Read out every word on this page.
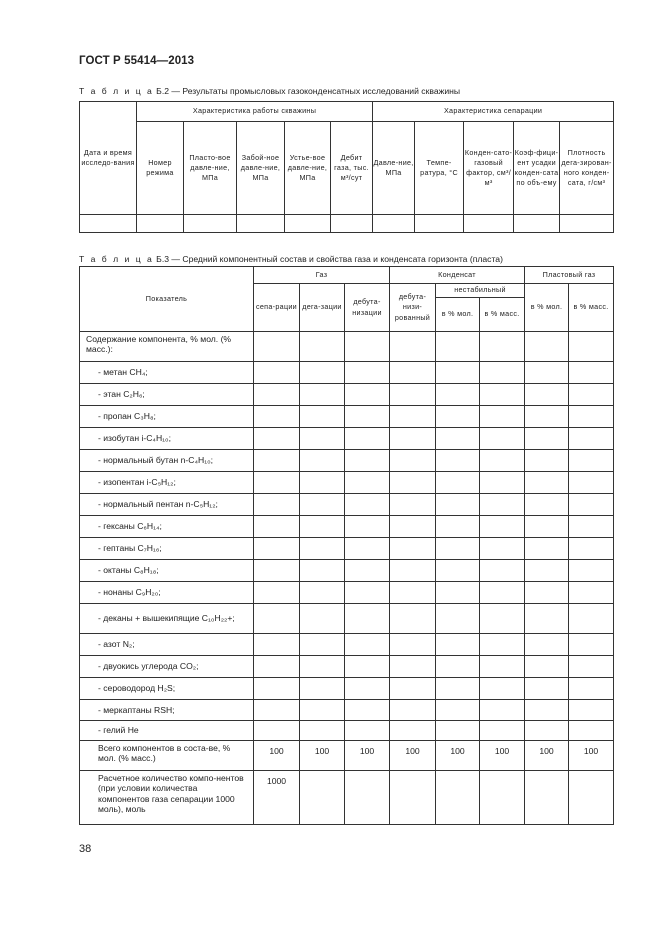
ГОСТ Р 55414—2013
Т а б л и ц а Б.2 — Результаты промысловых газоконденсатных исследований скважины
Дата и время исследо-вания	Характеристика работы скважины					Характеристика сепарации				
	Номер режима	Пласто-вое давле-ние, МПа	Забой-ное давле-ние, МПа	Устье-вое давле-ние, МПа	Дебит газа, тыс. м³/сут	Давле-ние, МПа	Темпе-ратура, °С	Конден-сато-газовый фактор, см³/м³	Коэф-фици-ент усадки конден-сата по объ-ему	Плотность дега-зирован-ного конден-сата, г/см³

Т а б л и ц а Б.3 — Средний компонентный состав и свойства газа и конденсата горизонта (пласта)
Показатель	Газ			Конденсат			Пластовый газ	
	сепа-рации	дега-зации	дебута-низации	дебута-низи-рованный	нестабильный		в % мол.	в % масс.
					в % мол.	в % масс.		
Содержание компонента, % мол. (% масс.):								
- метан CH₄;								
- этан C₂H₆;								
- пропан C₃H₈;								
- изобутан i-C₄H₁₀;								
- нормальный бутан n-C₄H₁₀;								
- изопентан i-C₅H₁₂;								
- нормальный пентан n-C₅H₁₂;								
- гексаны C₆H₁₄;								
- гептаны C₇H₁₆;								
- октаны C₈H₁₈;								
- нонаны C₉H₂₀;								
- деканы + вышекипящие C₁₀H₂₂+;								
- азот N₂;								
- двуокись углерода CO₂;								
- сероводород H₂S;								
- меркаптаны RSH;								
- гелий He								
Всего компонентов в соста-ве, % мол. (% масс.)	100	100	100	100	100	100	100	100
Расчетное количество компо-нентов (при условии количества компонентов газа сепарации 1000 моль), моль	1000							
38
